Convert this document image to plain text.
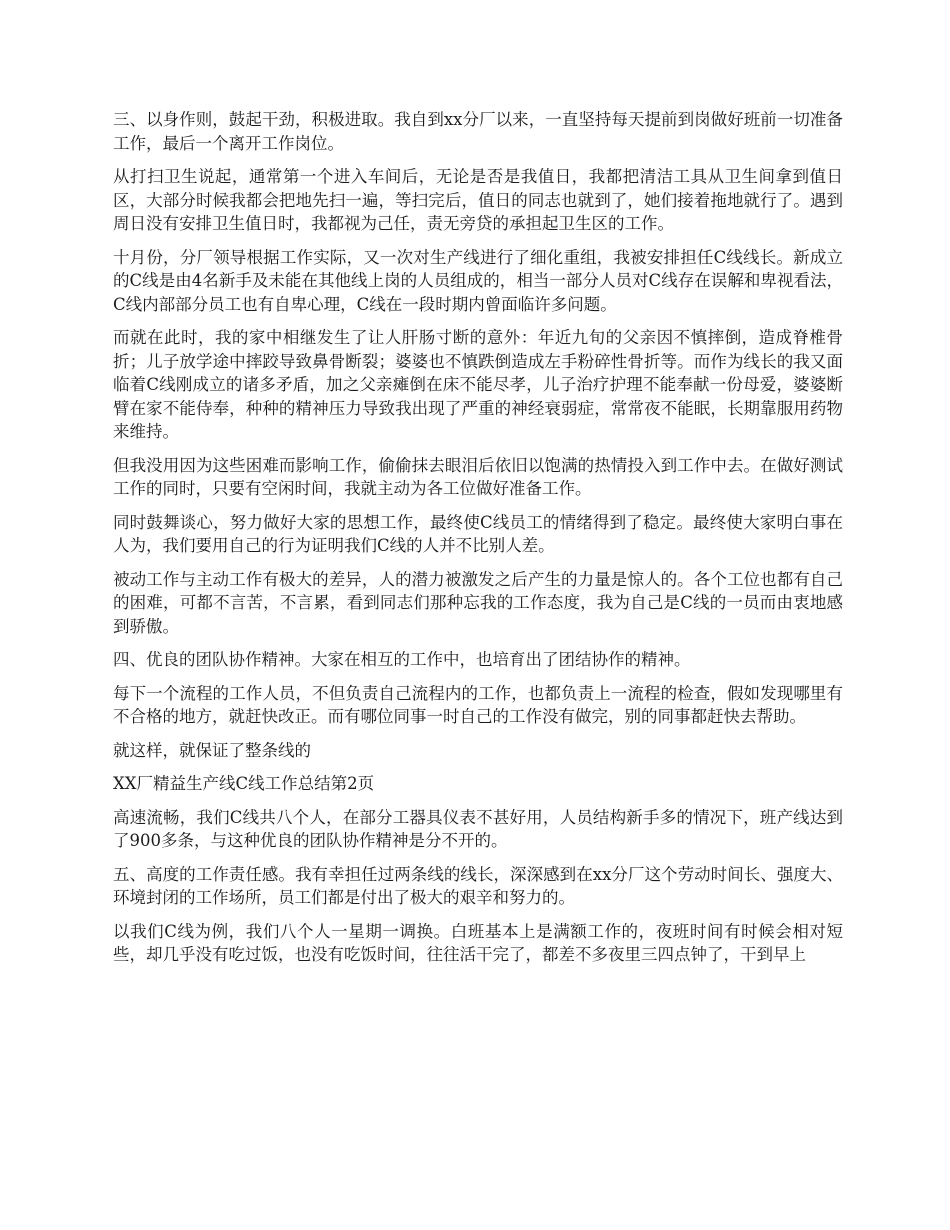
三、以身作则，鼓起干劲，积极进取。我自到xx分厂以来，一直坚持每天提前到岗做好班前一切准备工作，最后一个离开工作岗位。

从打扫卫生说起，通常第一个进入车间后，无论是否是我值日，我都把清洁工具从卫生间拿到值日区，大部分时候我都会把地先扫一遍，等扫完后，值日的同志也就到了，她们接着拖地就行了。遇到周日没有安排卫生值日时，我都视为己任，责无旁贷的承担起卫生区的工作。

十月份，分厂领导根据工作实际，又一次对生产线进行了细化重组，我被安排担任C线线长。新成立的C线是由4名新手及未能在其他线上岗的人员组成的，相当一部分人员对C线存在误解和卑视看法，C线内部部分员工也有自卑心理，C线在一段时期内曾面临许多问题。

而就在此时，我的家中相继发生了让人肝肠寸断的意外：年近九旬的父亲因不慎摔倒，造成脊椎骨折；儿子放学途中摔跤导致鼻骨断裂；婆婆也不慎跌倒造成左手粉碎性骨折等。而作为线长的我又面临着C线刚成立的诸多矛盾，加之父亲瘫倒在床不能尽孝，儿子治疗护理不能奉献一份母爱，婆婆断臂在家不能侍奉，种种的精神压力导致我出现了严重的神经衰弱症，常常夜不能眠，长期靠服用药物来维持。

但我没用因为这些困难而影响工作，偷偷抹去眼泪后依旧以饱满的热情投入到工作中去。在做好测试工作的同时，只要有空闲时间，我就主动为各工位做好准备工作。

同时鼓舞谈心，努力做好大家的思想工作，最终使C线员工的情绪得到了稳定。最终使大家明白事在人为，我们要用自己的行为证明我们C线的人并不比别人差。

被动工作与主动工作有极大的差异，人的潜力被激发之后产生的力量是惊人的。各个工位也都有自己的困难，可都不言苦，不言累，看到同志们那种忘我的工作态度，我为自己是C线的一员而由衷地感到骄傲。

四、优良的团队协作精神。大家在相互的工作中，也培育出了团结协作的精神。

每下一个流程的工作人员，不但负责自己流程内的工作，也都负责上一流程的检查，假如发现哪里有不合格的地方，就赶快改正。而有哪位同事一时自己的工作没有做完，别的同事都赶快去帮助。

就这样，就保证了整条线的

XX厂精益生产线C线工作总结第2页

高速流畅，我们C线共八个人，在部分工器具仪表不甚好用，人员结构新手多的情况下，班产线达到了900多条，与这种优良的团队协作精神是分不开的。

五、高度的工作责任感。我有幸担任过两条线的线长，深深感到在xx分厂这个劳动时间长、强度大、环境封闭的工作场所，员工们都是付出了极大的艰辛和努力的。

以我们C线为例，我们八个人一星期一调换。白班基本上是满额工作的，夜班时间有时候会相对短些，却几乎没有吃过饭，也没有吃饭时间，往往活干完了，都差不多夜里三四点钟了，干到早上
